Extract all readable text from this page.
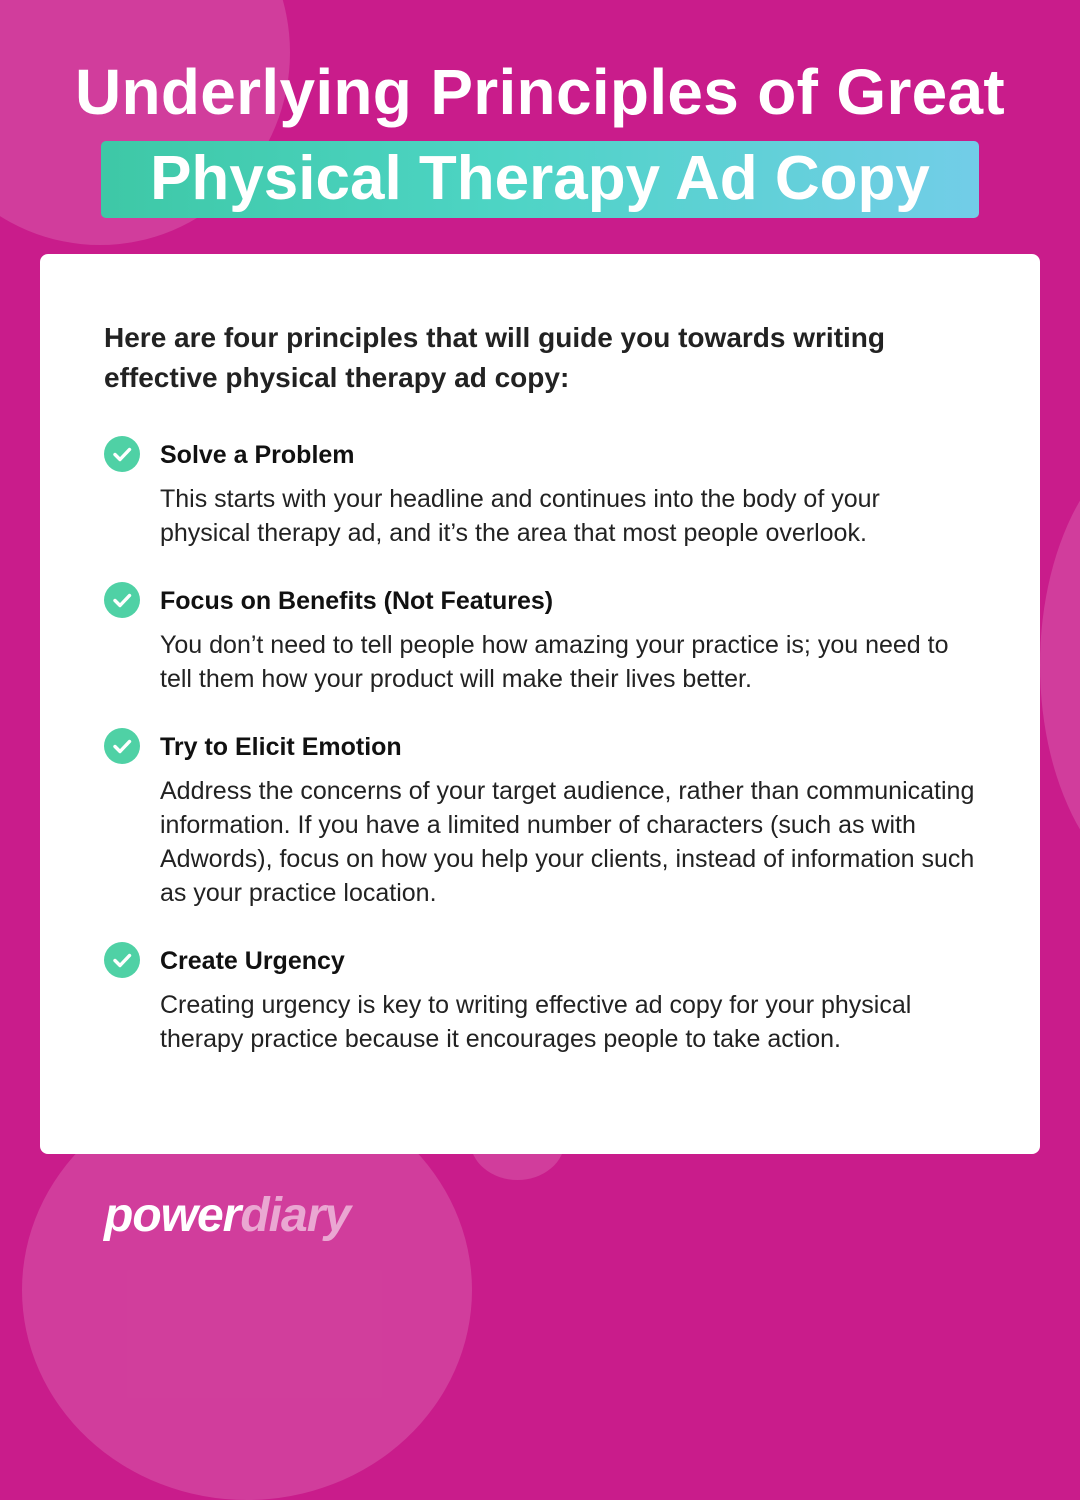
Underlying Principles of Great
Physical Therapy Ad Copy

Here are four principles that will guide you towards writing effective physical therapy ad copy:

Solve a Problem

This starts with your headline and continues into the body of your physical therapy ad, and it’s the area that most people overlook.

Focus on Benefits (Not Features)

You don’t need to tell people how amazing your practice is; you need to tell them how your product will make their lives better.

Try to Elicit Emotion

Address the concerns of your target audience, rather than communicating information. If you have a limited number of characters (such as with Adwords), focus on how you help your clients, instead of information such as your practice location.

Create Urgency

Creating urgency is key to writing effective ad copy for your physical therapy practice because it encourages people to take action.

powerdiary
